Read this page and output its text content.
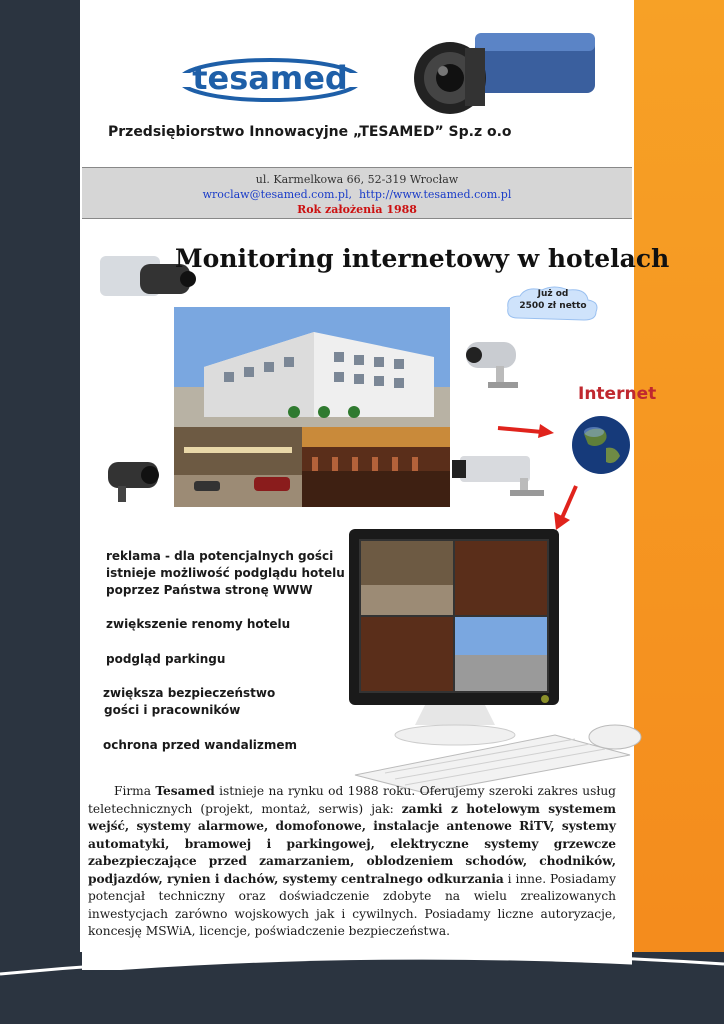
tesamed
Przedsiębiorstwo Innowacyjne „TESAMED” Sp.z o.o
ul. Karmelkowa 66, 52-319 Wrocław
wroclaw@tesamed.com.pl, http://www.tesamed.com.pl
Rok założenia 1988
Monitoring internetowy w hotelach
Już od
2500 zł netto
Internet
reklama - dla potencjalnych gości
istnieje możliwość podglądu hotelu
poprzez Państwa stronę WWW
zwiększenie renomy hotelu
podgląd parkingu
zwiększa bezpieczeństwo
gości i pracowników
ochrona przed wandalizmem
Firma Tesamed istnieje na rynku od 1988 roku. Oferujemy szeroki zakres usług teletechnicznych (projekt, montaż, serwis) jak: zamki z hotelowym systemem wejść, systemy alarmowe, domofonowe, instalacje antenowe RiTV, systemy automatyki, bramowej i parkingowej, elektryczne systemy grzewcze zabezpieczające przed zamarzaniem, oblodzeniem schodów, chodników, podjazdów, rynien i dachów, systemy centralnego odkurzania i inne. Posiadamy potencjał techniczny oraz doświadczenie zdobyte na wielu zrealizowanych inwestycjach zarówno wojskowych jak i cywilnych. Posiadamy liczne autoryzacje, koncesję MSWiA, licencje, poświadczenie bezpieczeństwa.
